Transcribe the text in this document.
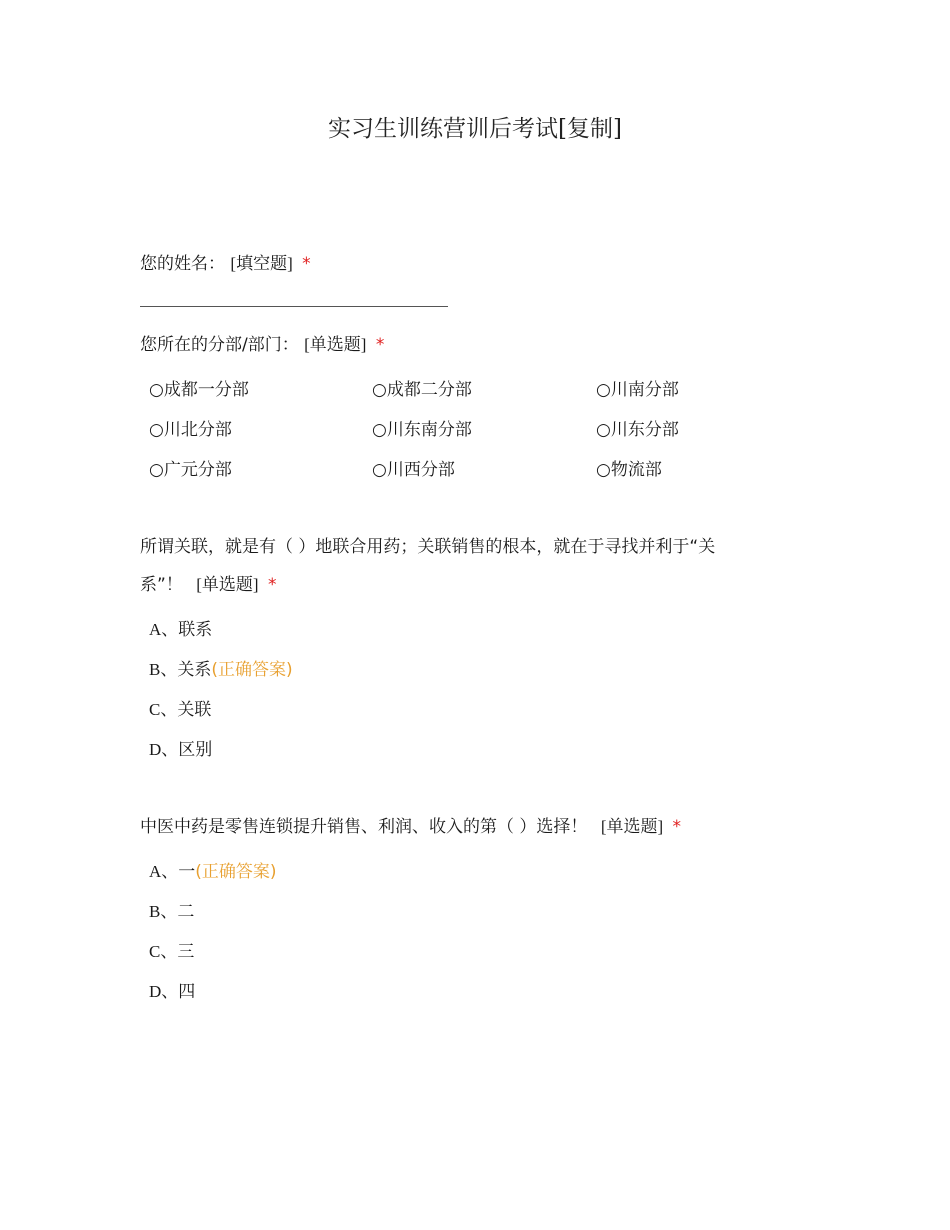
实习生训练营训后考试[复制]
您的姓名： [填空题] *
您所在的分部/部门： [单选题] *
○成都一分部	○成都二分部	○川南分部
○川北分部	○川东南分部	○川东分部
○广元分部	○川西分部	○物流部
所谓关联，就是有（ ）地联合用药；关联销售的根本，就在于寻找并利于“关
系”！ [单选题] *
A、联系
B、关系(正确答案)
C、关联
D、区别
中医中药是零售连锁提升销售、利润、收入的第（ ）选择！ [单选题] *
A、一(正确答案)
B、二
C、三
D、四
